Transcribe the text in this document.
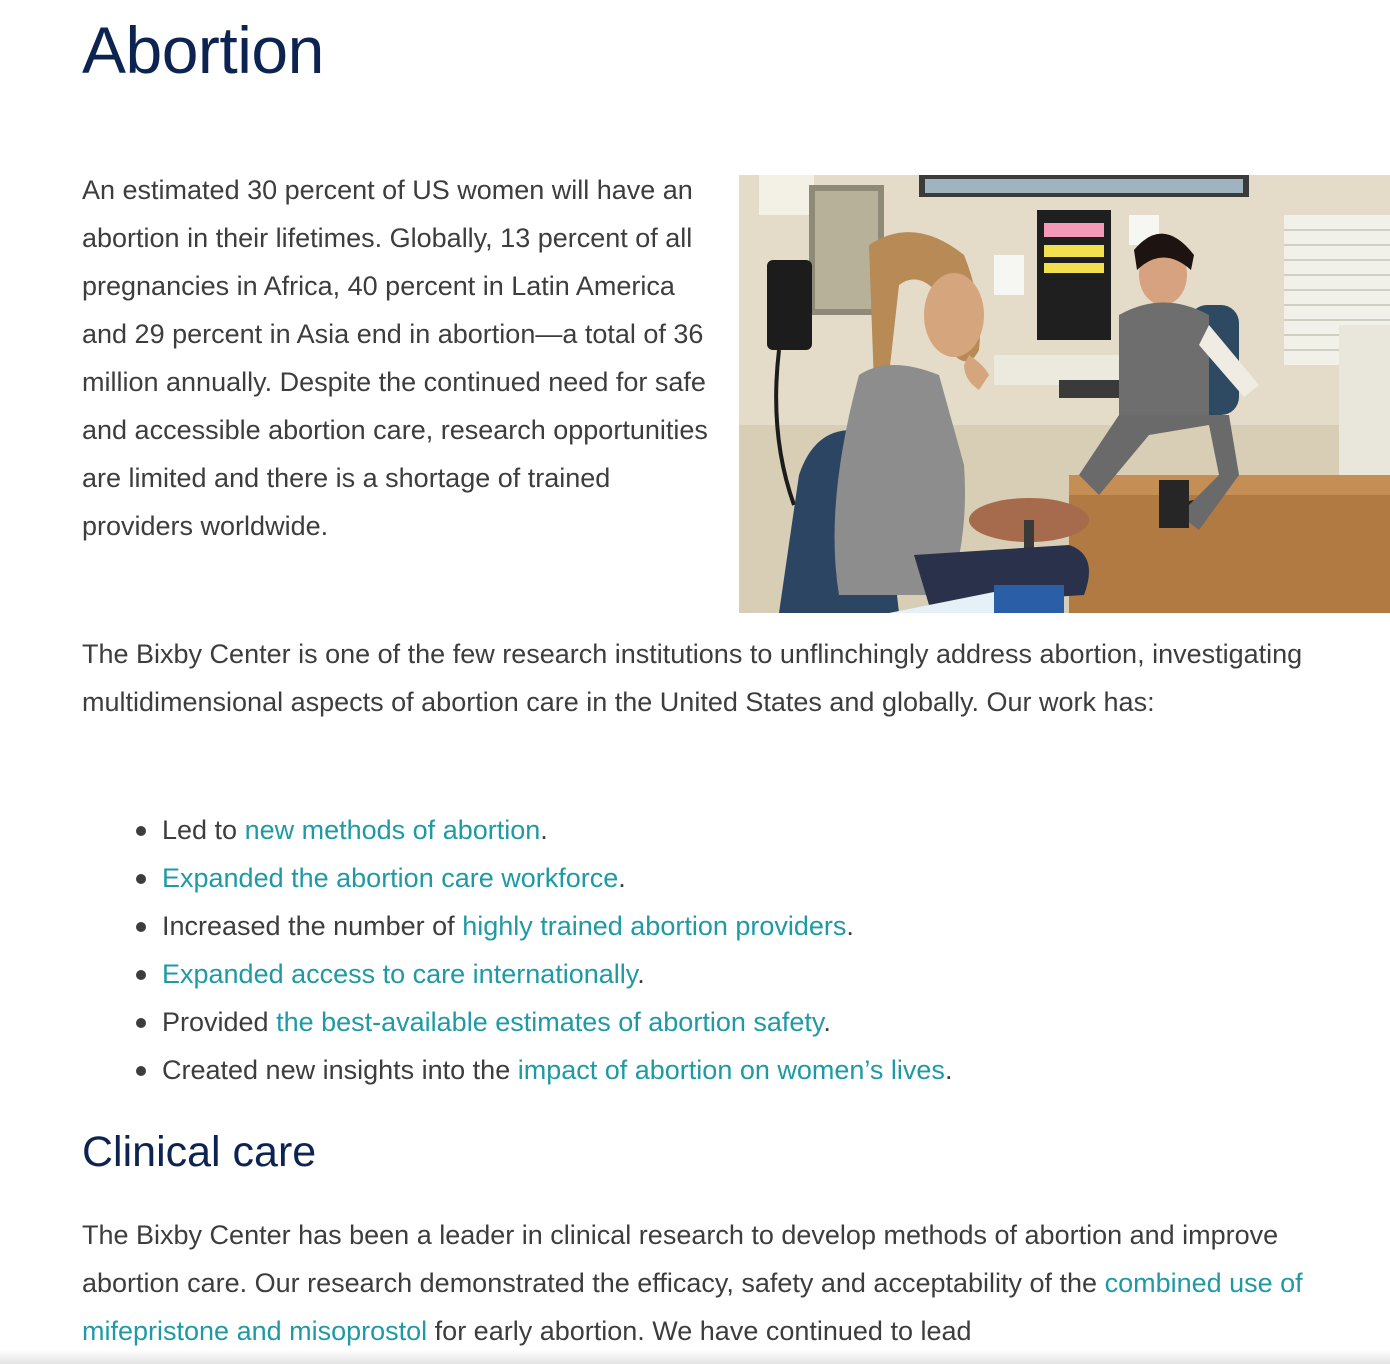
Abortion

An estimated 30 percent of US women will have an abortion in their lifetimes. Globally, 13 percent of all pregnancies in Africa, 40 percent in Latin America and 29 percent in Asia end in abortion—a total of 36 million annually. Despite the continued need for safe and accessible abortion care, research opportunities are limited and there is a shortage of trained providers worldwide.

The Bixby Center is one of the few research institutions to unflinchingly address abortion, investigating multidimensional aspects of abortion care in the United States and globally. Our work has:

Led to new methods of abortion.
Expanded the abortion care workforce.
Increased the number of highly trained abortion providers.
Expanded access to care internationally.
Provided the best-available estimates of abortion safety.
Created new insights into the impact of abortion on women’s lives.
Clinical care

The Bixby Center has been a leader in clinical research to develop methods of abortion and improve abortion care. Our research demonstrated the efficacy, safety and acceptability of the combined use of mifepristone and misoprostol for early abortion. We have continued to lead
